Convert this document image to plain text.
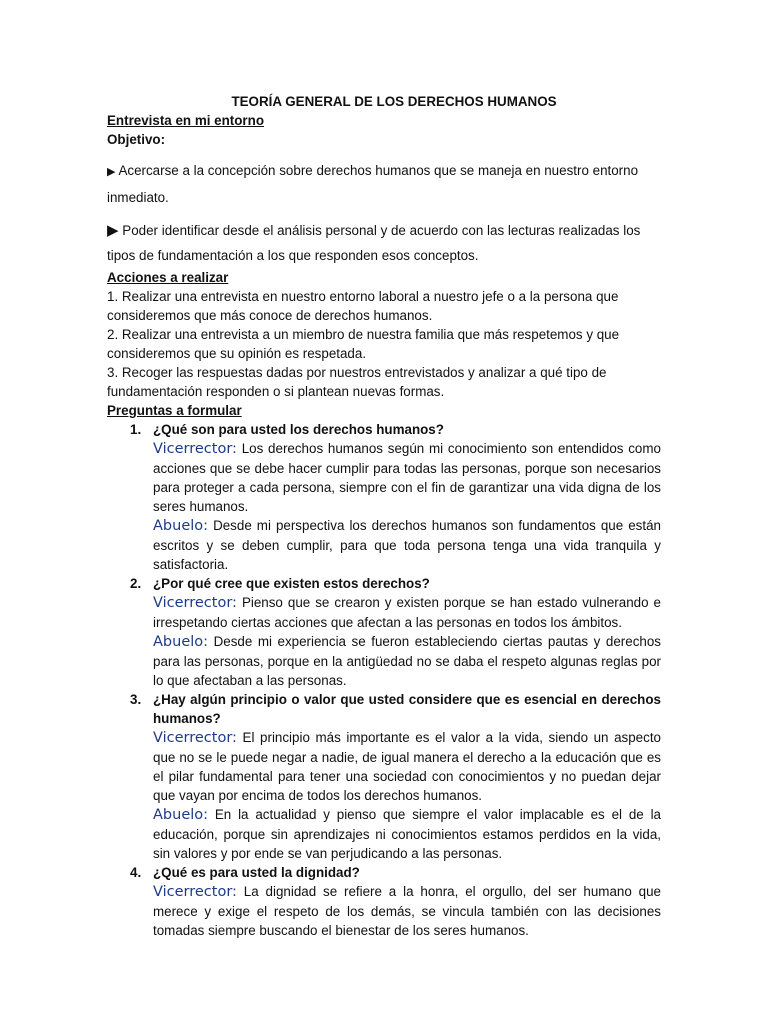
TEORÍA GENERAL DE LOS DERECHOS HUMANOS
Entrevista en mi entorno
Objetivo:
▶ Acercarse a la concepción sobre derechos humanos que se maneja en nuestro entorno inmediato.
▶ Poder identificar desde el análisis personal y de acuerdo con las lecturas realizadas los tipos de fundamentación a los que responden esos conceptos.
Acciones a realizar
1. Realizar una entrevista en nuestro entorno laboral a nuestro jefe o a la persona que consideremos que más conoce de derechos humanos.
2. Realizar una entrevista a un miembro de nuestra familia que más respetemos y que consideremos que su opinión es respetada.
3. Recoger las respuestas dadas por nuestros entrevistados y analizar a qué tipo de fundamentación responden o si plantean nuevas formas.
Preguntas a formular
1. ¿Qué son para usted los derechos humanos?
Vicerrector: Los derechos humanos según mi conocimiento son entendidos como acciones que se debe hacer cumplir para todas las personas, porque son necesarios para proteger a cada persona, siempre con el fin de garantizar una vida digna de los seres humanos.
Abuelo: Desde mi perspectiva los derechos humanos son fundamentos que están escritos y se deben cumplir, para que toda persona tenga una vida tranquila y satisfactoria.
2. ¿Por qué cree que existen estos derechos?
Vicerrector: Pienso que se crearon y existen porque se han estado vulnerando e irrespetando ciertas acciones que afectan a las personas en todos los ámbitos.
Abuelo: Desde mi experiencia se fueron estableciendo ciertas pautas y derechos para las personas, porque en la antigüedad no se daba el respeto algunas reglas por lo que afectaban a las personas.
3. ¿Hay algún principio o valor que usted considere que es esencial en derechos humanos?
Vicerrector: El principio más importante es el valor a la vida, siendo un aspecto que no se le puede negar a nadie, de igual manera el derecho a la educación que es el pilar fundamental para tener una sociedad con conocimientos y no puedan dejar que vayan por encima de todos los derechos humanos.
Abuelo: En la actualidad y pienso que siempre el valor implacable es el de la educación, porque sin aprendizajes ni conocimientos estamos perdidos en la vida, sin valores y por ende se van perjudicando a las personas.
4. ¿Qué es para usted la dignidad?
Vicerrector: La dignidad se refiere a la honra, el orgullo, del ser humano que merece y exige el respeto de los demás, se vincula también con las decisiones tomadas siempre buscando el bienestar de los seres humanos.
